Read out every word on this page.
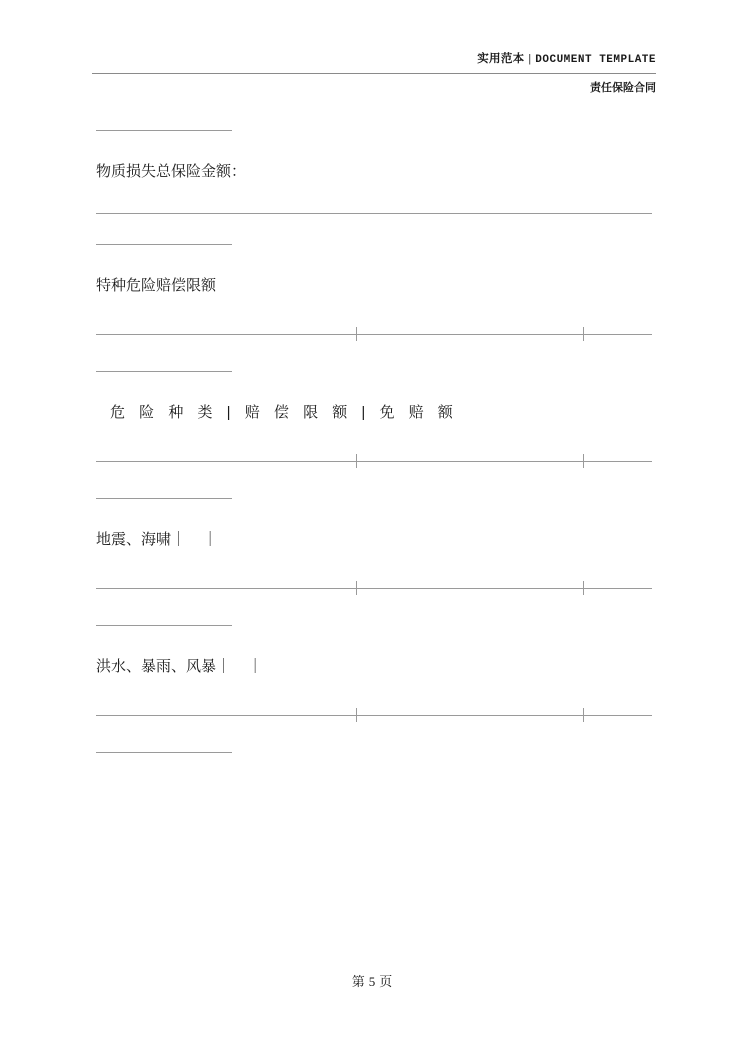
实用范本 | DOCUMENT TEMPLATE
责任保险合同
物质损失总保险金额：
特种危险赔偿限额
危 险 种 类 | 赔 偿 限 额 | 免 赔 额
地震、海啸｜    ｜
洪水、暴雨、风暴｜    ｜
第 5 页
